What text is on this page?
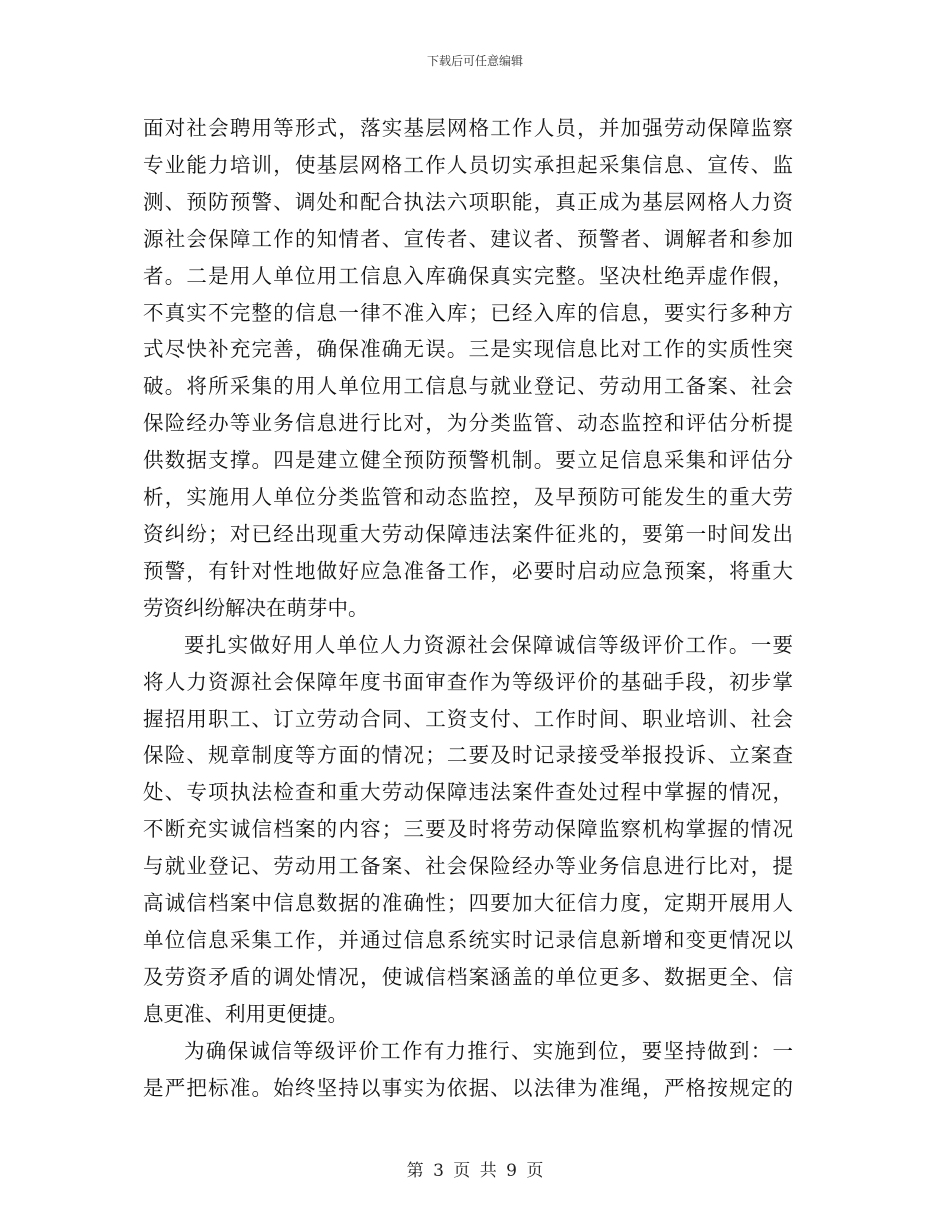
下载后可任意编辑
面对社会聘用等形式，落实基层网格工作人员，并加强劳动保障监察
专业能力培训，使基层网格工作人员切实承担起采集信息、宣传、监
测、预防预警、调处和配合执法六项职能，真正成为基层网格人力资
源社会保障工作的知情者、宣传者、建议者、预警者、调解者和参加
者。二是用人单位用工信息入库确保真实完整。坚决杜绝弄虚作假，
不真实不完整的信息一律不准入库；已经入库的信息，要实行多种方
式尽快补充完善，确保准确无误。三是实现信息比对工作的实质性突
破。将所采集的用人单位用工信息与就业登记、劳动用工备案、社会
保险经办等业务信息进行比对，为分类监管、动态监控和评估分析提
供数据支撑。四是建立健全预防预警机制。要立足信息采集和评估分
析，实施用人单位分类监管和动态监控，及早预防可能发生的重大劳
资纠纷；对已经出现重大劳动保障违法案件征兆的，要第一时间发出
预警，有针对性地做好应急准备工作，必要时启动应急预案，将重大
劳资纠纷解决在萌芽中。
要扎实做好用人单位人力资源社会保障诚信等级评价工作。一要
将人力资源社会保障年度书面审查作为等级评价的基础手段，初步掌
握招用职工、订立劳动合同、工资支付、工作时间、职业培训、社会
保险、规章制度等方面的情况；二要及时记录接受举报投诉、立案查
处、专项执法检查和重大劳动保障违法案件查处过程中掌握的情况，
不断充实诚信档案的内容；三要及时将劳动保障监察机构掌握的情况
与就业登记、劳动用工备案、社会保险经办等业务信息进行比对，提
高诚信档案中信息数据的准确性；四要加大征信力度，定期开展用人
单位信息采集工作，并通过信息系统实时记录信息新增和变更情况以
及劳资矛盾的调处情况，使诚信档案涵盖的单位更多、数据更全、信
息更准、利用更便捷。
为确保诚信等级评价工作有力推行、实施到位，要坚持做到：一
是严把标准。始终坚持以事实为依据、以法律为准绳，严格按规定的
第 3 页 共 9 页
